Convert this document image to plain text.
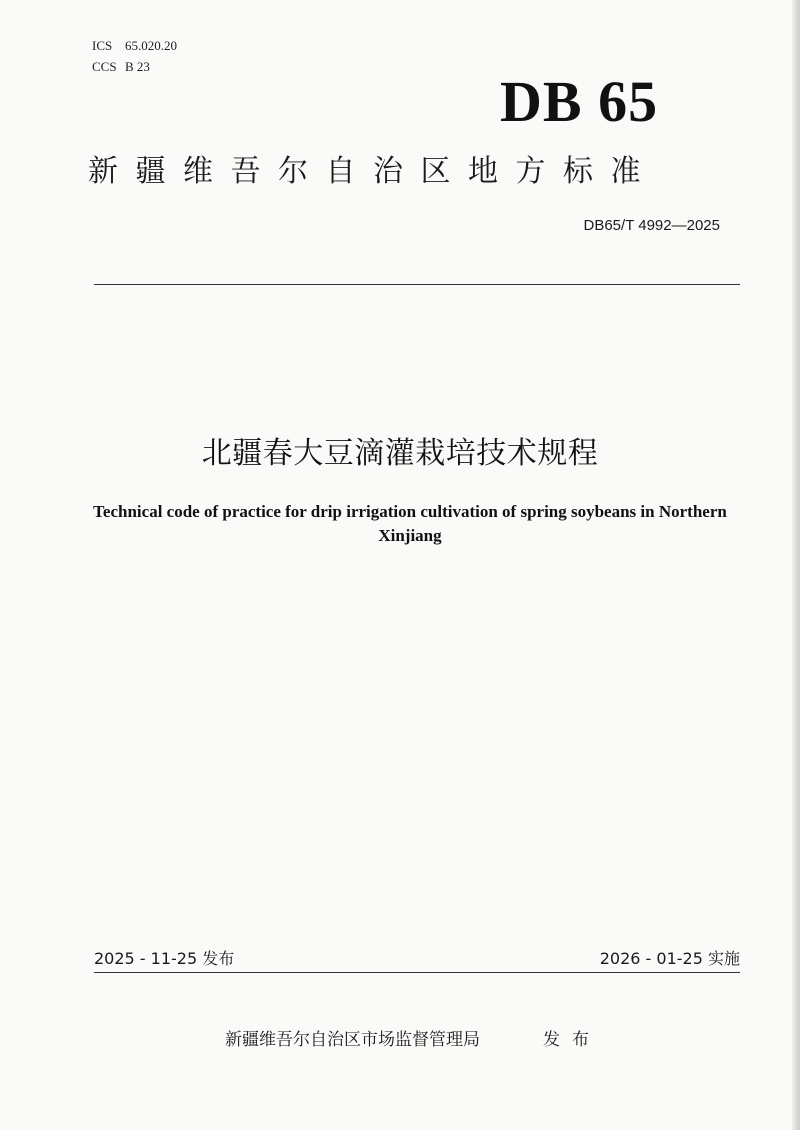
ICS 65.020.20
CCS B 23
DB 65
新疆维吾尔自治区地方标准
DB65/T 4992—2025
北疆春大豆滴灌栽培技术规程
Technical code of practice for drip irrigation cultivation of spring soybeans in Northern Xinjiang
2025 - 11-25 发布	2026 - 01-25 实施
新疆维吾尔自治区市场监督管理局	发布
